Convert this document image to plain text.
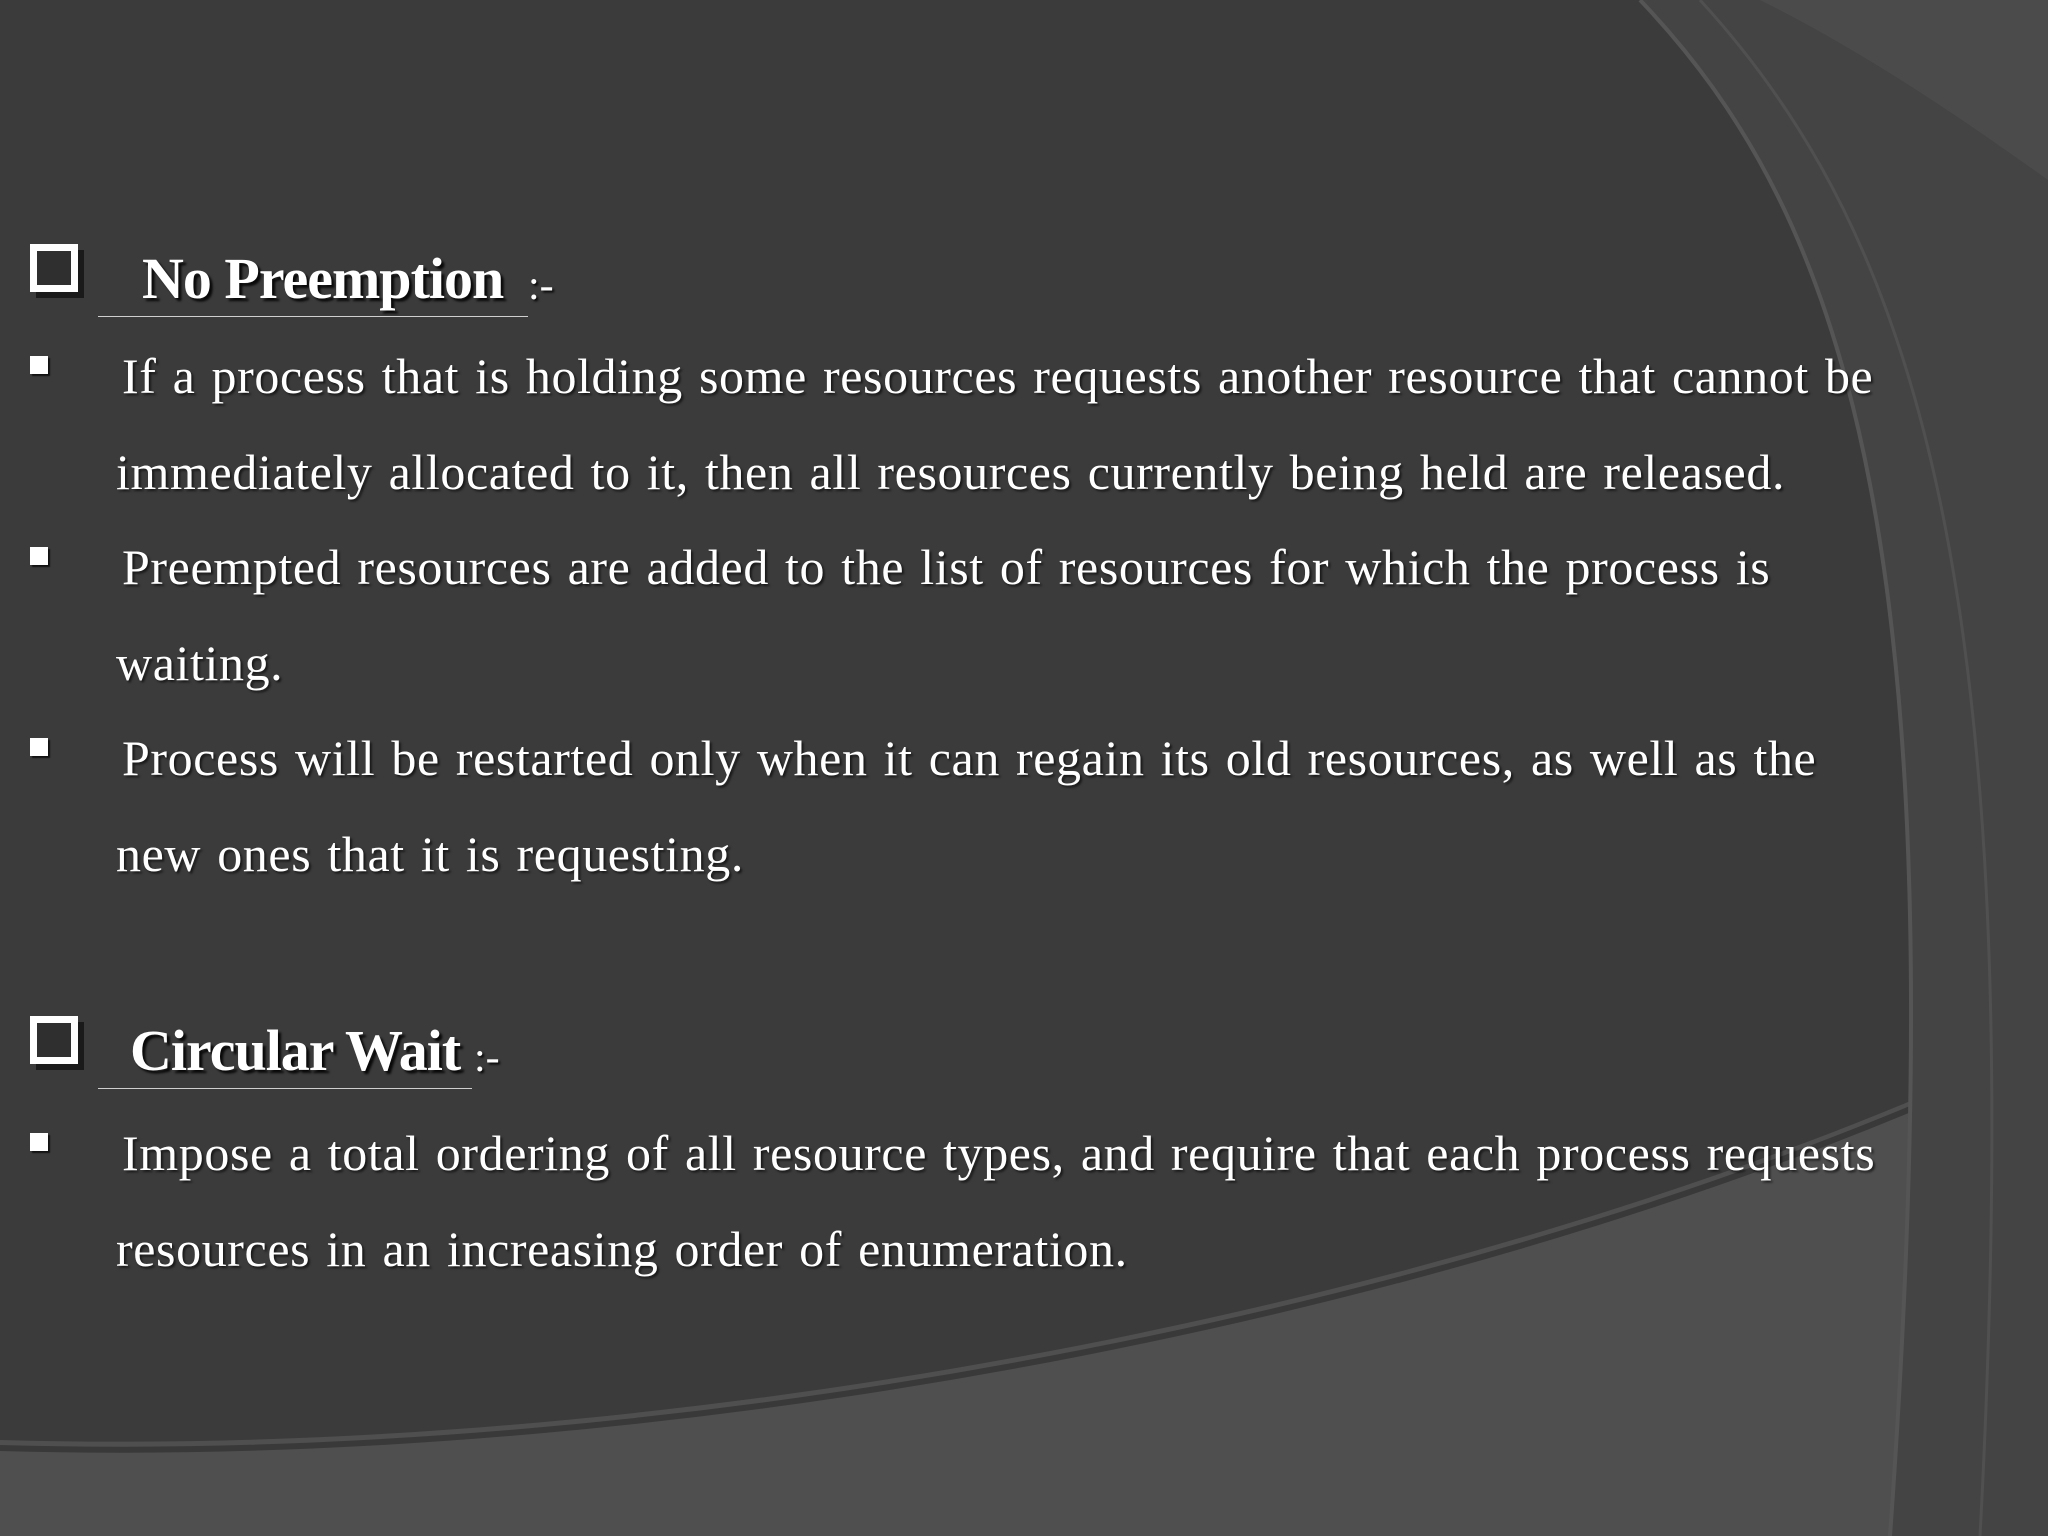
No Preemption :-
If a process that is holding some resources requests another resource that cannot be
immediately allocated to it, then all resources currently being held are released.
Preempted resources are added to the list of resources for which the process is
waiting.
Process will be restarted only when it can regain its old resources, as well as the
new ones that it is requesting.
Circular Wait :-
Impose a total ordering of all resource types, and require that each process requests
resources in an increasing order of enumeration.
